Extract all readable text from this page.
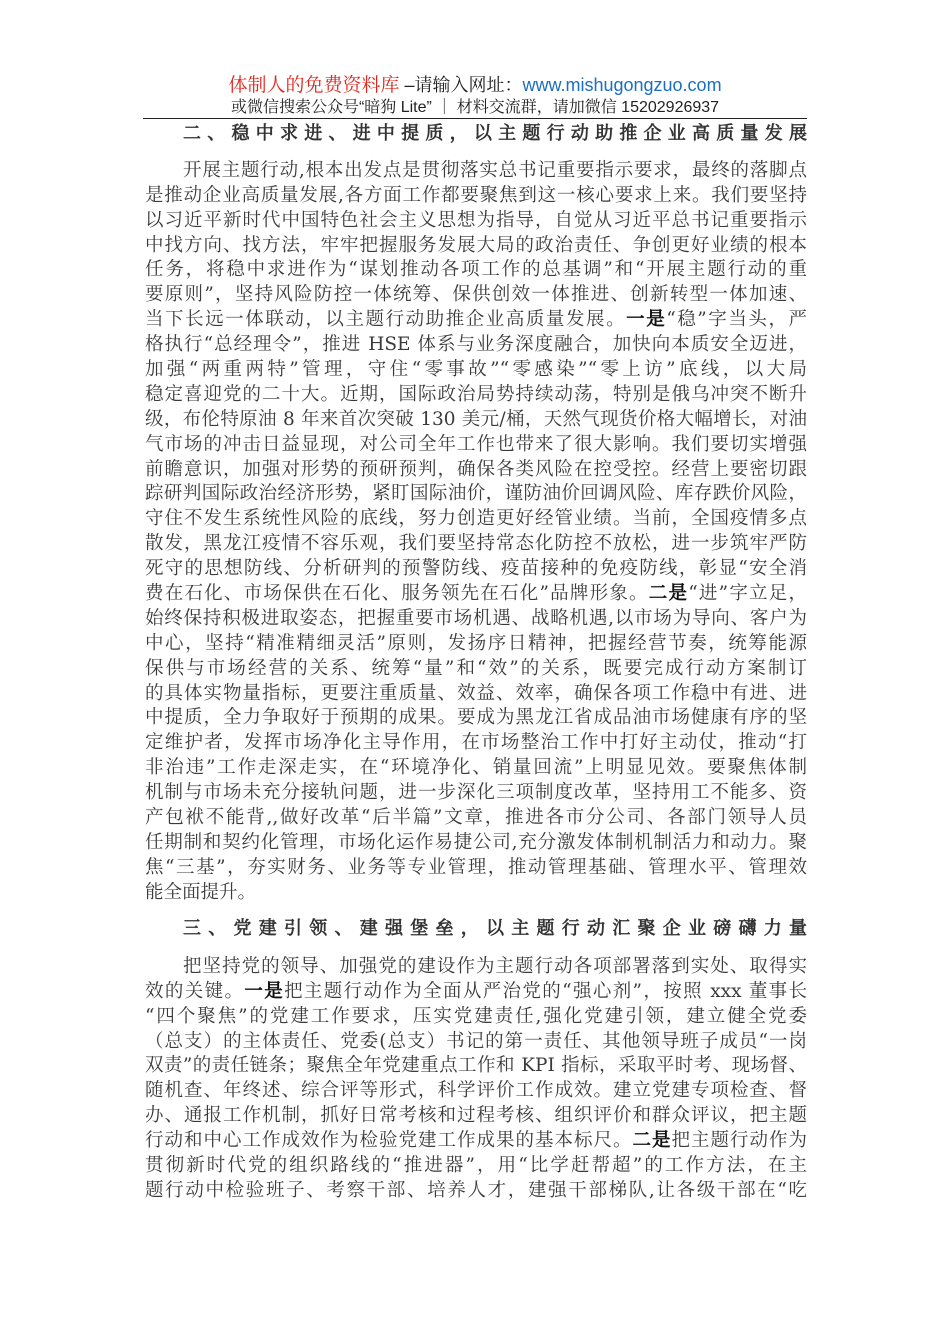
体制人的免费资料库 –请输入网址：www.mishugongzuo.com
或微信搜索公众号“暗狗 Lite” ｜ 材料交流群，请加微信 15202926937
二、稳中求进、进中提质，以主题行动助推企业高质量发展
开展主题行动,根本出发点是贯彻落实总书记重要指示要求，最终的落脚点
是推动企业高质量发展,各方面工作都要聚焦到这一核心要求上来。我们要坚持
以习近平新时代中国特色社会主义思想为指导，自觉从习近平总书记重要指示
中找方向、找方法，牢牢把握服务发展大局的政治责任、争创更好业绩的根本
任务，将稳中求进作为“谋划推动各项工作的总基调”和“开展主题行动的重
要原则”，坚持风险防控一体统筹、保供创效一体推进、创新转型一体加速、
当下长远一体联动，以主题行动助推企业高质量发展。一是“稳”字当头，严
格执行“总经理令”，推进 HSE 体系与业务深度融合，加快向本质安全迈进，
加强“两重两特”管理，守住“零事故”“零感染”“零上访”底线，以大局
稳定喜迎党的二十大。近期，国际政治局势持续动荡，特别是俄乌冲突不断升
级，布伦特原油 8 年来首次突破 130 美元/桶，天然气现货价格大幅增长，对油
气市场的冲击日益显现，对公司全年工作也带来了很大影响。我们要切实增强
前瞻意识，加强对形势的预研预判，确保各类风险在控受控。经营上要密切跟
踪研判国际政治经济形势，紧盯国际油价，谨防油价回调风险、库存跌价风险，
守住不发生系统性风险的底线，努力创造更好经管业绩。当前，全国疫情多点
散发，黑龙江疫情不容乐观，我们要坚持常态化防控不放松，进一步筑牢严防
死守的思想防线、分析研判的预警防线、疫苗接种的免疫防线，彰显“安全消
费在石化、市场保供在石化、服务领先在石化”品牌形象。二是“进”字立足，
始终保持积极进取姿态，把握重要市场机遇、战略机遇,以市场为导向、客户为
中心，坚持“精准精细灵活”原则，发扬序日精神，把握经营节奏，统筹能源
保供与市场经营的关系、统筹“量”和“效”的关系，既要完成行动方案制订
的具体实物量指标，更要注重质量、效益、效率，确保各项工作稳中有进、进
中提质，全力争取好于预期的成果。要成为黑龙江省成品油市场健康有序的坚
定维护者，发挥市场净化主导作用，在市场整治工作中打好主动仗，推动“打
非治违”工作走深走实，在“环境净化、销量回流”上明显见效。要聚焦体制
机制与市场未充分接轨问题，进一步深化三项制度改革，坚持用工不能多、资
产包袱不能背,,做好改革“后半篇”文章，推进各市分公司、各部门领导人员
任期制和契约化管理，市场化运作易捷公司,充分激发体制机制活力和动力。聚
焦“三基”，夯实财务、业务等专业管理，推动管理基础、管理水平、管理效
能全面提升。
三、党建引领、建强堡垒，以主题行动汇聚企业磅礴力量
把坚持党的领导、加强党的建设作为主题行动各项部署落到实处、取得实
效的关键。一是把主题行动作为全面从严治党的“强心剂”，按照 xxx 董事长
“四个聚焦”的党建工作要求，压实党建责任,强化党建引领，建立健全党委
（总支）的主体责任、党委(总支）书记的第一责任、其他领导班子成员“一岗
双责”的责任链条；聚焦全年党建重点工作和 KPI 指标，采取平时考、现场督、
随机查、年终述、综合评等形式，科学评价工作成效。建立党建专项检查、督
办、通报工作机制，抓好日常考核和过程考核、组织评价和群众评议，把主题
行动和中心工作成效作为检验党建工作成果的基本标尺。二是把主题行动作为
贯彻新时代党的组织路线的“推进器”，用“比学赶帮超”的工作方法，在主
题行动中检验班子、考察干部、培养人才，建强干部梯队,让各级干部在“吃
